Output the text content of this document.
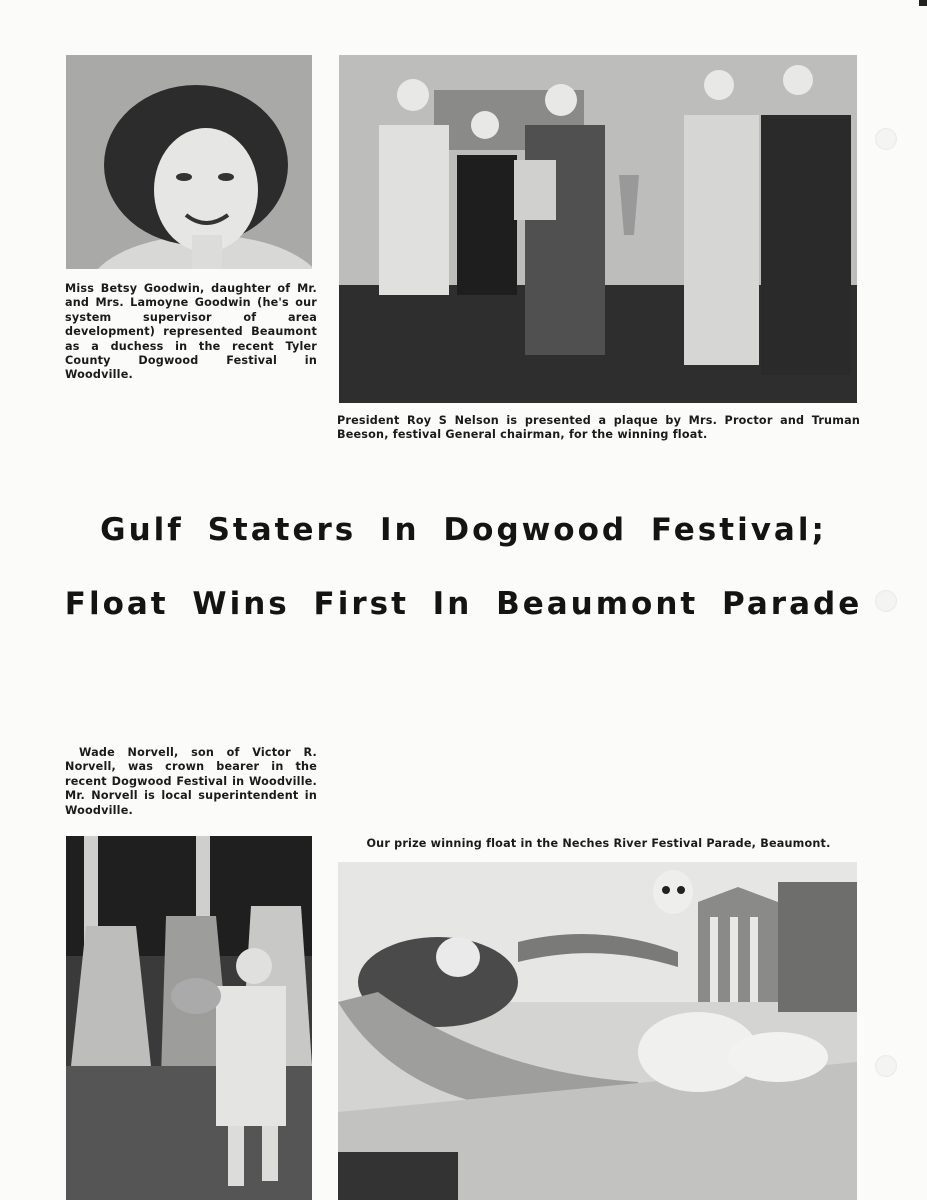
Miss Betsy Goodwin, daughter of Mr. and Mrs. Lamoyne Goodwin (he's our system supervisor of area development) represented Beaumont as a duchess in the recent Tyler County Dogwood Festival in Woodville.
President Roy S Nelson is presented a plaque by Mrs. Proctor and Truman Beeson, festival General chairman, for the winning float.
Gulf Staters In Dogwood Festival;
Float Wins First In Beaumont Parade
Wade Norvell, son of Victor R. Norvell, was crown bearer in the recent Dogwood Festival in Woodville. Mr. Norvell is local superintendent in Woodville.
Our prize winning float in the Neches River Festival Parade, Beaumont.
